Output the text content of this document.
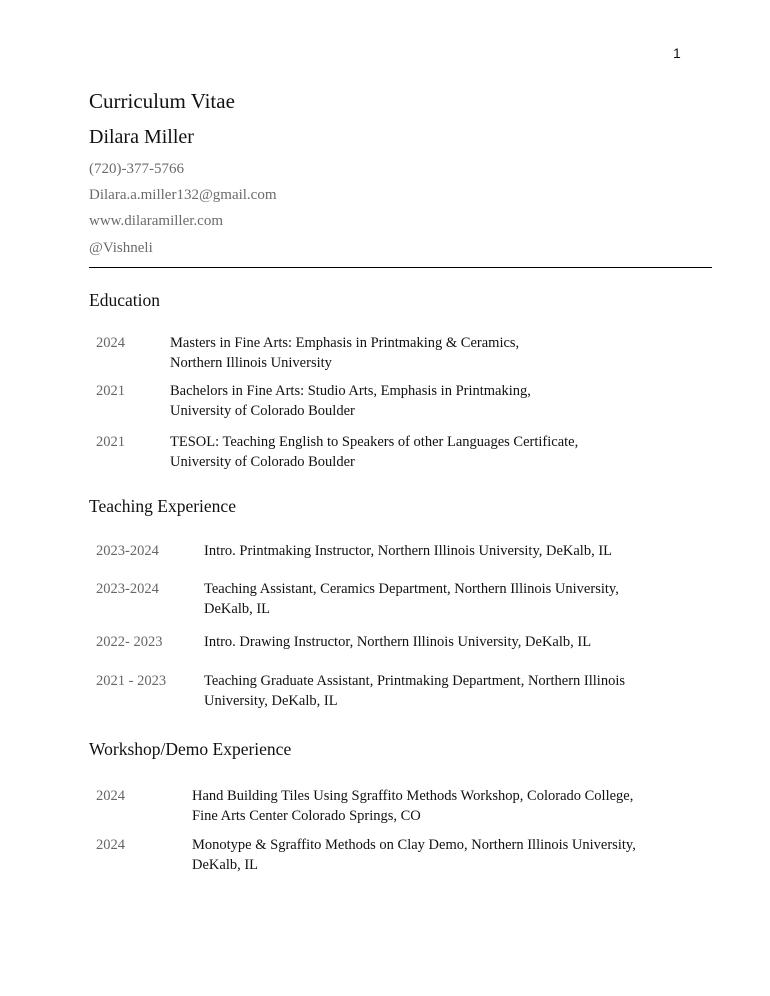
1
Curriculum Vitae
Dilara Miller
(720)-377-5766
Dilara.a.miller132@gmail.com
www.dilaramiller.com
@Vishneli
Education
2024	Masters in Fine Arts: Emphasis in Printmaking & Ceramics,
Northern Illinois University
2021	Bachelors in Fine Arts: Studio Arts, Emphasis in Printmaking,
University of Colorado Boulder
2021	TESOL: Teaching English to Speakers of other Languages Certificate,
University of Colorado Boulder
Teaching Experience
2023-2024	Intro. Printmaking Instructor, Northern Illinois University, DeKalb, IL
2023-2024	Teaching Assistant, Ceramics Department, Northern Illinois University,
DeKalb, IL
2022- 2023	Intro. Drawing Instructor, Northern Illinois University, DeKalb, IL
2021 - 2023	Teaching Graduate Assistant, Printmaking Department, Northern Illinois
University, DeKalb, IL
Workshop/Demo Experience
2024	Hand Building Tiles Using Sgraffito Methods Workshop, Colorado College,
Fine Arts Center Colorado Springs, CO
2024	Monotype & Sgraffito Methods on Clay Demo, Northern Illinois University,
DeKalb, IL
